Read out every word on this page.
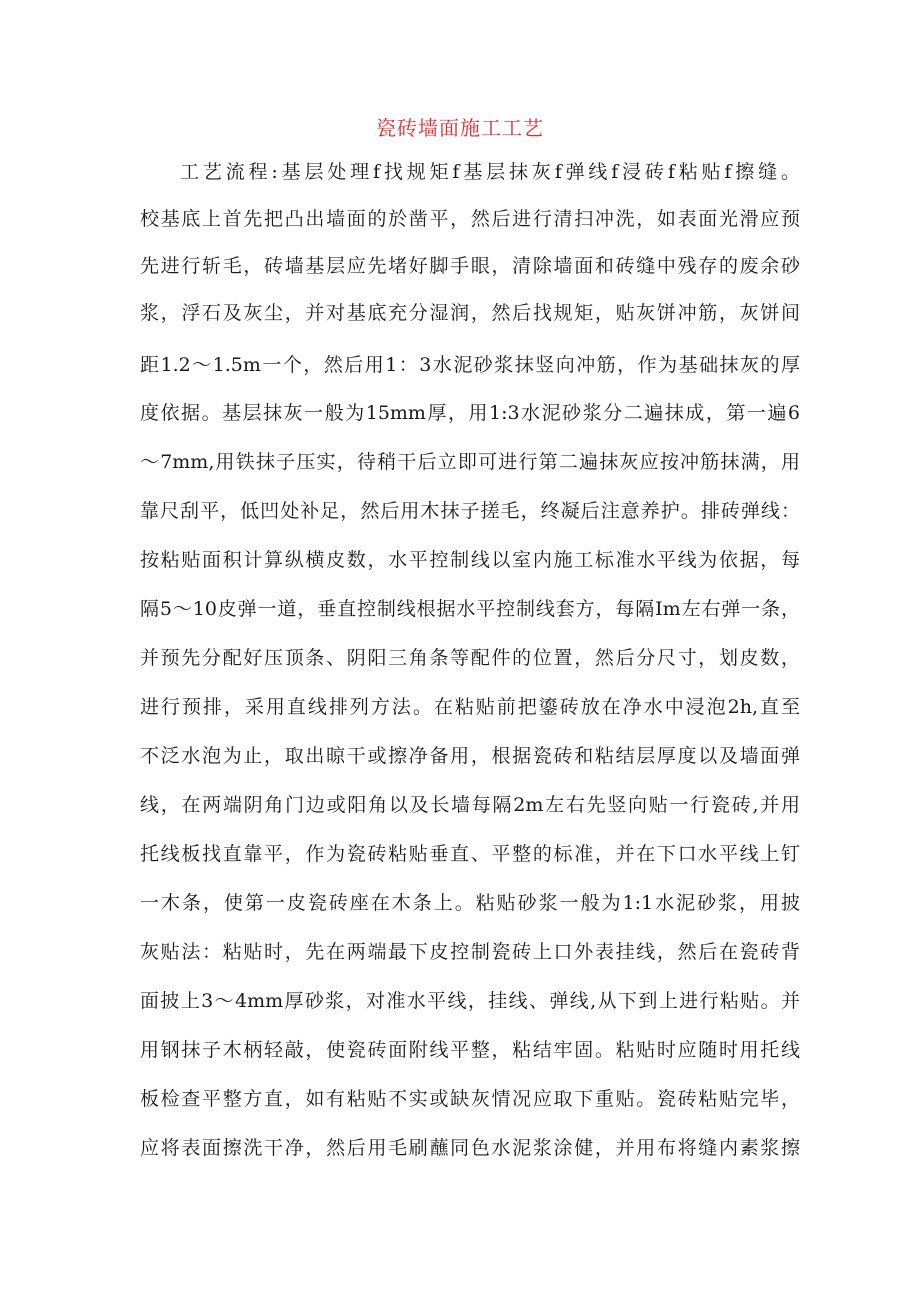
瓷砖墙面施工工艺
工艺流程:基层处理f找规矩f基层抹灰f弹线f浸砖f粘贴f擦缝。
校基底上首先把凸出墙面的於凿平，然后进行清扫冲洗，如表面光滑应预
先进行斩毛，砖墙基层应先堵好脚手眼，清除墙面和砖缝中残存的废余砂
浆，浮石及灰尘，并对基底充分湿润，然后找规矩，贴灰饼冲筋，灰饼间
距1.2～1.5m一个，然后用1：3水泥砂浆抹竖向冲筋，作为基础抹灰的厚
度依据。基层抹灰一般为15mm厚，用1:3水泥砂浆分二遍抹成，第一遍6
～7mm,用铁抹子压实，待稍干后立即可进行第二遍抹灰应按冲筋抹满，用
靠尺刮平，低凹处补足，然后用木抹子搓毛，终凝后注意养护。排砖弹线：
按粘贴面积计算纵横皮数，水平控制线以室内施工标准水平线为依据，每
隔5～10皮弹一道，垂直控制线根据水平控制线套方，每隔Im左右弹一条，
并预先分配好压顶条、阴阳三角条等配件的位置，然后分尺寸，划皮数，
进行预排，采用直线排列方法。在粘贴前把鎏砖放在净水中浸泡2h,直至
不泛水泡为止，取出晾干或擦净备用，根据瓷砖和粘结层厚度以及墙面弹
线，在两端阴角门边或阳角以及长墙每隔2m左右先竖向贴一行瓷砖,并用
托线板找直靠平，作为瓷砖粘贴垂直、平整的标准，并在下口水平线上钉
一木条，使第一皮瓷砖座在木条上。粘贴砂浆一般为1:1水泥砂浆，用披
灰贴法：粘贴时，先在两端最下皮控制瓷砖上口外表挂线，然后在瓷砖背
面披上3～4mm厚砂浆，对准水平线，挂线、弹线,从下到上进行粘贴。并
用钢抹子木柄轻敲，使瓷砖面附线平整，粘结牢固。粘贴时应随时用托线
板检查平整方直，如有粘贴不实或缺灰情况应取下重贴。瓷砖粘贴完毕，
应将表面擦洗干净，然后用毛刷蘸同色水泥浆涂健，并用布将缝内素浆擦
